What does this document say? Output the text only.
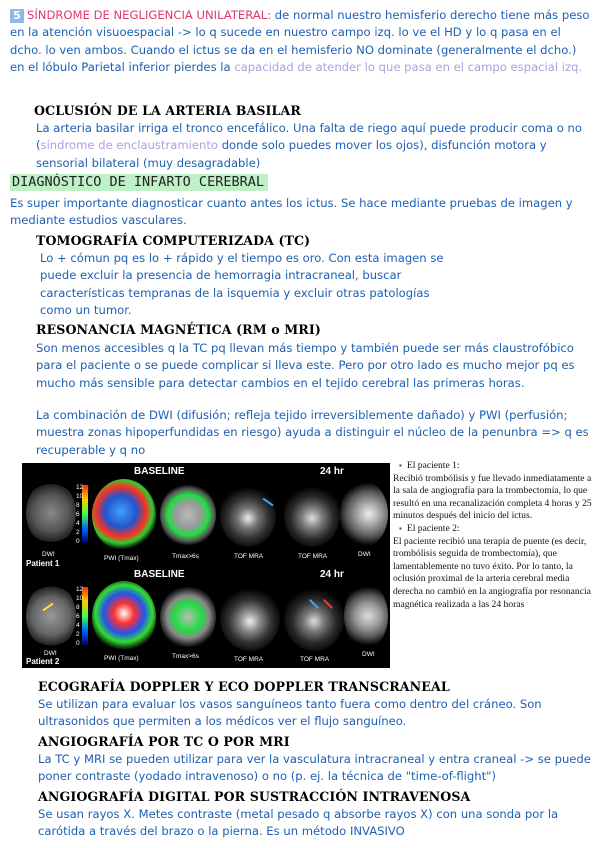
5 SÍNDROME DE NEGLIGENCIA UNILATERAL: de normal nuestro hemisferio derecho tiene más peso en la atención visuoespacial -> lo q sucede en nuestro campo izq. lo ve el HD y lo q pasa en el dcho. lo ven ambos. Cuando el ictus se da en el hemisferio NO dominate (generalmente el dcho.) en el lóbulo Parietal inferior pierdes la capacidad de atender lo que pasa en el campo espacial izq.

OCLUSIÓN DE LA ARTERIA BASILAR

La arteria basilar irriga el tronco encefálico. Una falta de riego aquí puede producir coma o no (síndrome de enclaustramiento donde solo puedes mover los ojos), disfunción motora y sensorial bilateral (muy desagradable)

DIAGNÓSTICO DE INFARTO CEREBRAL

Es super importante diagnosticar cuanto antes los ictus. Se hace mediante pruebas de imagen y mediante estudios vasculares.

TOMOGRAFÍA COMPUTERIZADA (TC)

Lo + cómun pq es lo + rápido y el tiempo es oro. Con esta imagen se puede excluir la presencia de hemorragia intracraneal, buscar características tempranas de la isquemia y excluir otras patologías como un tumor.

RESONANCIA MAGNÉTICA (RM o MRI)

Son menos accesibles q la TC pq llevan más tiempo y también puede ser más claustrofóbico para el paciente o se puede complicar si lleva este. Pero por otro lado es mucho mejor pq es mucho más sensible para detectar cambios en el tejido cerebral las primeras horas.

La combinación de DWI (difusión; refleja tejido irreversiblemente dañado) y PWI (perfusión; muestra zonas hipoperfundidas en riesgo) ayuda a distinguir el núcleo de la penunbra => q es recuperable y q no

BASELINE	24 hr
BASELINE	24 hr
DWI
PWI (Tmax)	Tmax>6s	TOF MRA	TOF MRA	DWI
Patient 1
DWI
PWI (Tmax)	Tmax>6s	TOF MRA	TOF MRA
DWI
Patient 2
12
10
8
6
4
2
0
12
10
8
6
4
2
0
▪ El paciente 1:
Recibió trombólisis y fue llevado inmediatamente a la sala de angiografía para la trombectomía, lo que resultó en una recanalización completa 4 horas y 25 minutos después del inicio del ictus.
▪ El paciente 2:
El paciente recibió una terapia de puente (es decir, trombólisis seguida de trombectomía), que lamentablemente no tuvo éxito. Por lo tanto, la oclusión proximal de la arteria cerebral media derecha no cambió en la angiografía por resonancia magnética realizada a las 24 horas
ECOGRAFÍA DOPPLER Y ECO DOPPLER TRANSCRANEAL

Se utilizan para evaluar los vasos sanguíneos tanto fuera como dentro del cráneo. Son ultrasonidos que permiten a los médicos ver el flujo sanguíneo.

ANGIOGRAFÍA POR TC O POR MRI

La TC y MRI se pueden utilizar para ver la vasculatura intracraneal y entra craneal -> se puede poner contraste (yodado intravenoso) o no (p. ej. la técnica de "time-of-flight")

ANGIOGRAFÍA DIGITAL POR SUSTRACCIÓN INTRAVENOSA

Se usan rayos X. Metes contraste (metal pesado q absorbe rayos X) con una sonda por la carótida a través del brazo o la pierna. Es un método INVASIVO
